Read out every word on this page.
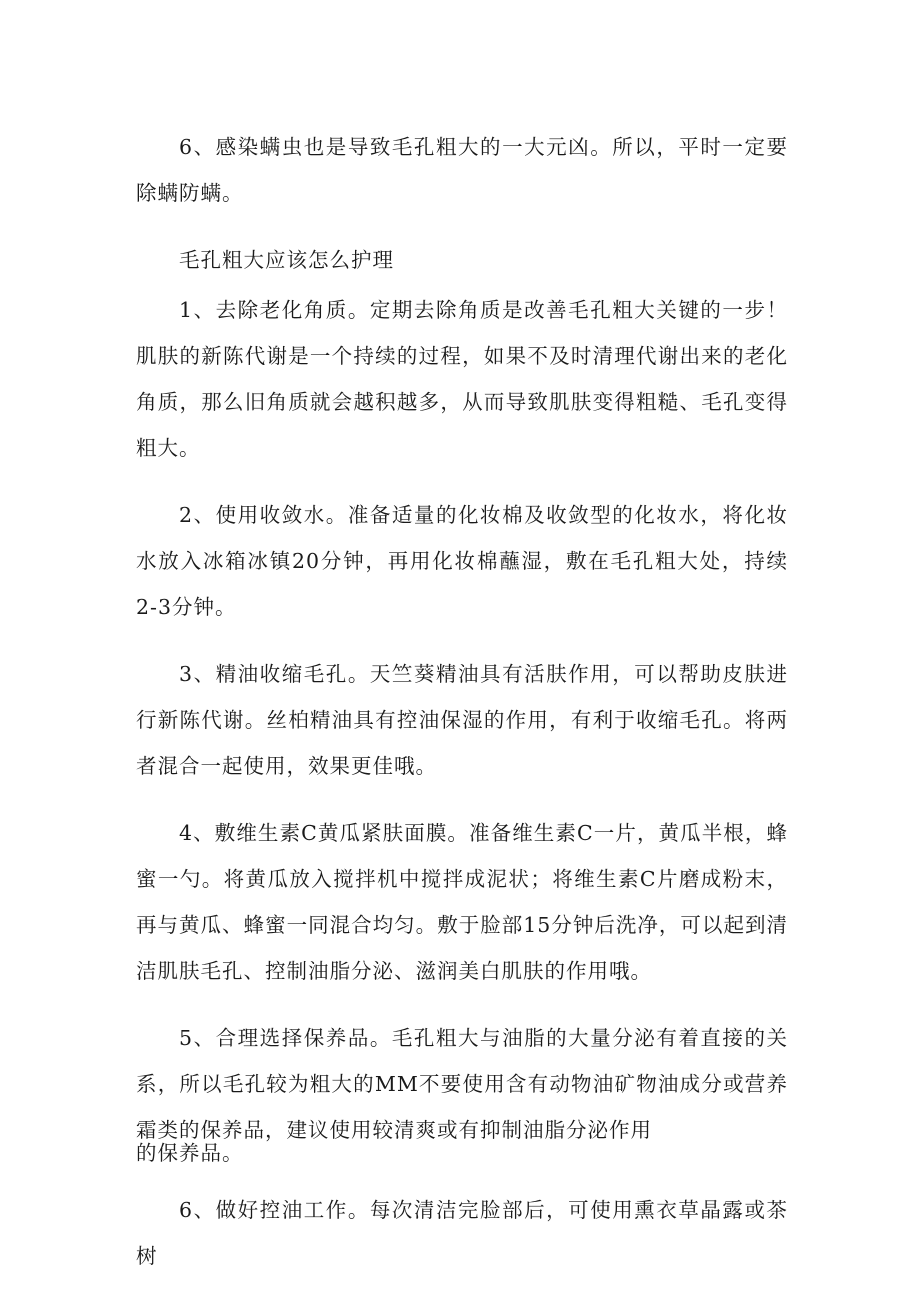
6、感染螨虫也是导致毛孔粗大的一大元凶。所以，平时一定要除螨防螨。

毛孔粗大应该怎么护理

1、去除老化角质。定期去除角质是改善毛孔粗大关键的一步！肌肤的新陈代谢是一个持续的过程，如果不及时清理代谢出来的老化角质，那么旧角质就会越积越多，从而导致肌肤变得粗糙、毛孔变得粗大。

2、使用收敛水。准备适量的化妆棉及收敛型的化妆水，将化妆水放入冰箱冰镇20分钟，再用化妆棉蘸湿，敷在毛孔粗大处，持续2-3分钟。

3、精油收缩毛孔。天竺葵精油具有活肤作用，可以帮助皮肤进行新陈代谢。丝柏精油具有控油保湿的作用，有利于收缩毛孔。将两者混合一起使用，效果更佳哦。

4、敷维生素C黄瓜紧肤面膜。准备维生素C一片，黄瓜半根，蜂蜜一勺。将黄瓜放入搅拌机中搅拌成泥状；将维生素C片磨成粉末，再与黄瓜、蜂蜜一同混合均匀。敷于脸部15分钟后洗净，可以起到清洁肌肤毛孔、控制油脂分泌、滋润美白肌肤的作用哦。

5、合理选择保养品。毛孔粗大与油脂的大量分泌有着直接的关系，所以毛孔较为粗大的MM不要使用含有动物油矿物油成分或营养霜类的保养品，建议使用较清爽或有抑制油脂分泌作用

的保养品。

6、做好控油工作。每次清洁完脸部后，可使用熏衣草晶露或茶树
